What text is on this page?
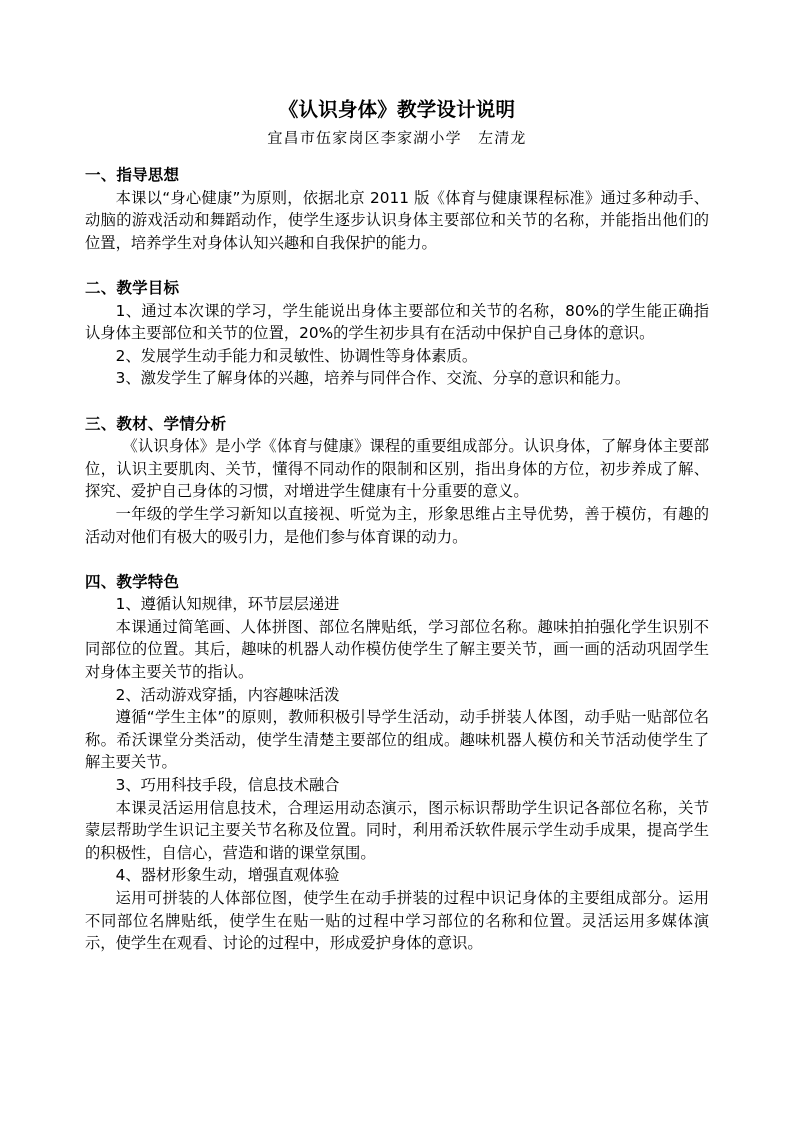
《认识身体》教学设计说明
宜昌市伍家岗区李家湖小学　左清龙
一、指导思想

本课以“身心健康”为原则，依据北京 2011 版《体育与健康课程标准》通过多种动手、动脑的游戏活动和舞蹈动作，使学生逐步认识身体主要部位和关节的名称，并能指出他们的位置，培养学生对身体认知兴趣和自我保护的能力。

二、教学目标

1、通过本次课的学习，学生能说出身体主要部位和关节的名称，80%的学生能正确指认身体主要部位和关节的位置，20%的学生初步具有在活动中保护自己身体的意识。

2、发展学生动手能力和灵敏性、协调性等身体素质。

3、激发学生了解身体的兴趣，培养与同伴合作、交流、分享的意识和能力。

三、教材、学情分析

《认识身体》是小学《体育与健康》课程的重要组成部分。认识身体，了解身体主要部位，认识主要肌肉、关节，懂得不同动作的限制和区别，指出身体的方位，初步养成了解、探究、爱护自己身体的习惯，对增进学生健康有十分重要的意义。

一年级的学生学习新知以直接视、听觉为主，形象思维占主导优势，善于模仿，有趣的活动对他们有极大的吸引力，是他们参与体育课的动力。

四、教学特色

1、遵循认知规律，环节层层递进

本课通过简笔画、人体拼图、部位名牌贴纸，学习部位名称。趣味拍拍强化学生识别不同部位的位置。其后，趣味的机器人动作模仿使学生了解主要关节，画一画的活动巩固学生对身体主要关节的指认。

2、活动游戏穿插，内容趣味活泼

遵循“学生主体”的原则，教师积极引导学生活动，动手拼装人体图，动手贴一贴部位名称。希沃课堂分类活动，使学生清楚主要部位的组成。趣味机器人模仿和关节活动使学生了解主要关节。

3、巧用科技手段，信息技术融合

本课灵活运用信息技术，合理运用动态演示，图示标识帮助学生识记各部位名称，关节蒙层帮助学生识记主要关节名称及位置。同时，利用希沃软件展示学生动手成果，提高学生的积极性，自信心，营造和谐的课堂氛围。

4、器材形象生动，增强直观体验

运用可拼装的人体部位图，使学生在动手拼装的过程中识记身体的主要组成部分。运用不同部位名牌贴纸，使学生在贴一贴的过程中学习部位的名称和位置。灵活运用多媒体演示，使学生在观看、讨论的过程中，形成爱护身体的意识。
